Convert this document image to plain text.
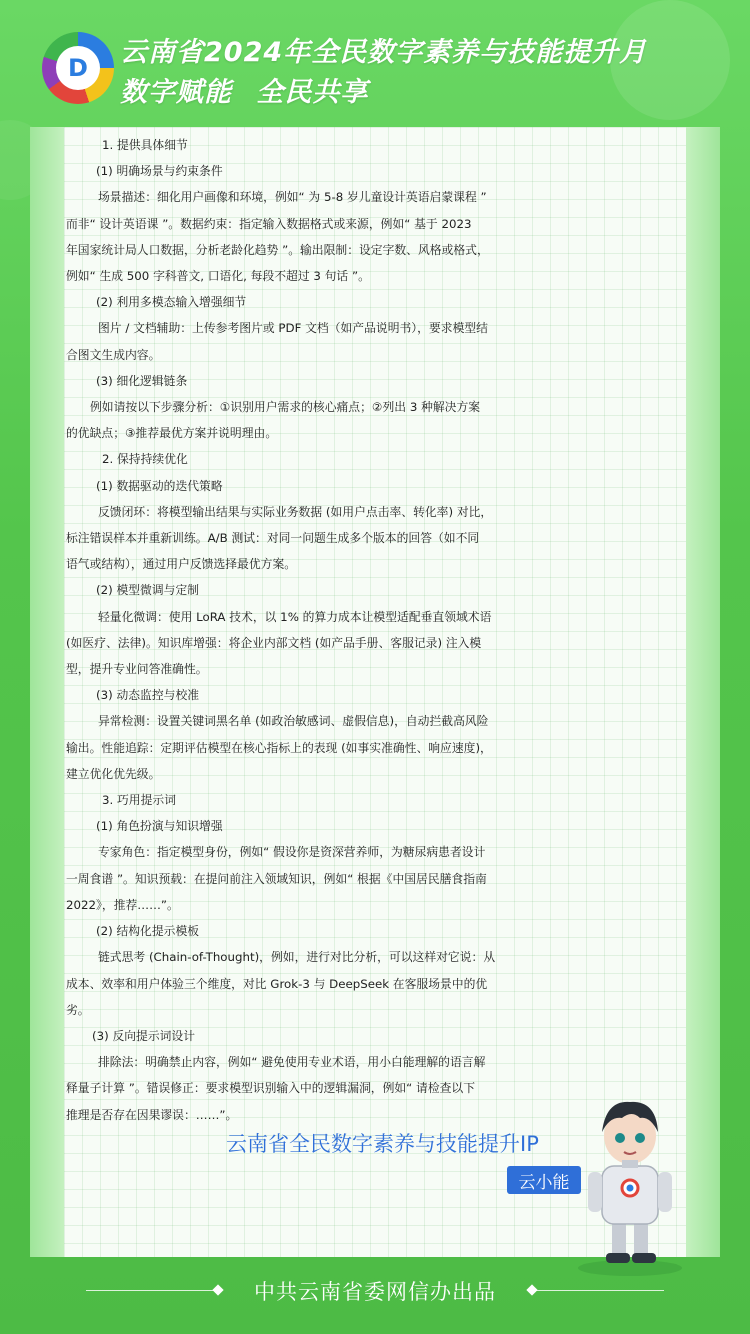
D	云南省2024年全民数字素养与技能提升月
数字赋能 全民共享

1. 提供具体细节

(1) 明确场景与约束条件

场景描述：细化用户画像和环境，例如“ 为 5-8 岁儿童设计英语启蒙课程 ”

而非“ 设计英语课 ”。数据约束：指定输入数据格式或来源，例如“ 基于 2023

年国家统计局人口数据，分析老龄化趋势 ”。输出限制：设定字数、风格或格式，

例如“ 生成 500 字科普文, 口语化, 每段不超过 3 句话 ”。

(2) 利用多模态输入增强细节

图片 / 文档辅助：上传参考图片或 PDF 文档（如产品说明书），要求模型结

合图文生成内容。

(3) 细化逻辑链条

例如请按以下步骤分析：①识别用户需求的核心痛点；②列出 3 种解决方案

的优缺点；③推荐最优方案并说明理由。

2. 保持持续优化

(1) 数据驱动的迭代策略

反馈闭环：将模型输出结果与实际业务数据 (如用户点击率、转化率) 对比，

标注错误样本并重新训练。A/B 测试：对同一问题生成多个版本的回答（如不同

语气或结构），通过用户反馈选择最优方案。

(2) 模型微调与定制

轻量化微调：使用 LoRA 技术，以 1% 的算力成本让模型适配垂直领域术语

(如医疗、法律)。知识库增强：将企业内部文档 (如产品手册、客服记录) 注入模

型，提升专业问答准确性。

(3) 动态监控与校准

异常检测：设置关键词黑名单 (如政治敏感词、虚假信息)，自动拦截高风险

输出。性能追踪：定期评估模型在核心指标上的表现 (如事实准确性、响应速度)，

建立优化优先级。

3. 巧用提示词

(1) 角色扮演与知识增强

专家角色：指定模型身份，例如“ 假设你是资深营养师，为糖尿病患者设计

一周食谱 ”。知识预载：在提问前注入领域知识，例如“ 根据《中国居民膳食指南

2022》，推荐……”。

(2) 结构化提示模板

链式思考 (Chain-of-Thought)，例如，进行对比分析，可以这样对它说：从

成本、效率和用户体验三个维度，对比 Grok-3 与 DeepSeek 在客服场景中的优

劣。

(3) 反向提示词设计

排除法：明确禁止内容，例如“ 避免使用专业术语，用小白能理解的语言解

释量子计算 ”。错误修正：要求模型识别输入中的逻辑漏洞，例如“ 请检查以下

推理是否存在因果谬误：……”。

云南省全民数字素养与技能提升IP
云小能
中共云南省委网信办出品
